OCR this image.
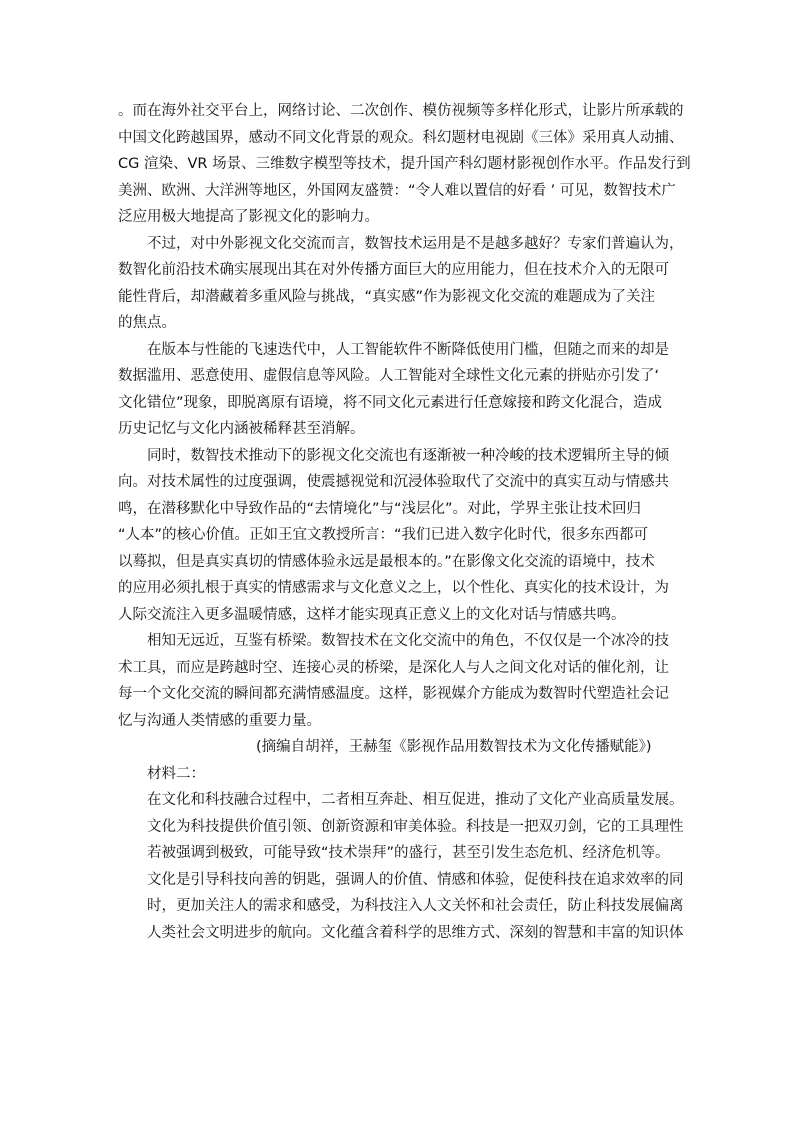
。而在海外社交平台上，网络讨论、二次创作、模仿视频等多样化形式，让影片所承载的
中国文化跨越国界，感动不同文化背景的观众。科幻题材电视剧《三体》采用真人动捕、
CG 渲染、VR 场景、三维数字模型等技术，提升国产科幻题材影视创作水平。作品发行到
美洲、欧洲、大洋洲等地区，外国网友盛赞：“令人难以置信的好看 ’ 可见，数智技术广
泛应用极大地提高了影视文化的影响力。
不过，对中外影视文化交流而言，数智技术运用是不是越多越好？专家们普遍认为，
数智化前沿技术确实展现出其在对外传播方面巨大的应用能力，但在技术介入的无限可
能性背后，却潜藏着多重风险与挑战，“真实感”作为影视文化交流的难题成为了关注
的焦点。
在版本与性能的飞速迭代中，人工智能软件不断降低使用门槛，但随之而来的却是
数据滥用、恶意使用、虚假信息等风险。人工智能对全球性文化元素的拼贴亦引发了‘
文化错位”现象，即脱离原有语境，将不同文化元素进行任意嫁接和跨文化混合，造成
历史记忆与文化内涵被稀释甚至消解。
同时，数智技术推动下的影视文化交流也有逐渐被一种冷峻的技术逻辑所主导的倾
向。对技术属性的过度强调，使震撼视觉和沉浸体验取代了交流中的真实互动与情感共
鸣，在潜移默化中导致作品的“去情境化”与“浅层化”。对此，学界主张让技术回归
“人本”的核心价值。正如王宜文教授所言：“我们已进入数字化时代，很多东西都可
以蓦拟，但是真实真切的情感体验永远是最根本的。”在影像文化交流的语境中，技术
的应用必须扎根于真实的情感需求与文化意义之上，以个性化、真实化的技术设计，为
人际交流注入更多温暖情感，这样才能实现真正意义上的文化对话与情感共鸣。
相知无远近，互鉴有桥梁。数智技术在文化交流中的角色，不仅仅是一个冰冷的技
术工具，而应是跨越时空、连接心灵的桥梁，是深化人与人之间文化对话的催化剂，让
每一个文化交流的瞬间都充满情感温度。这样，影视媒介方能成为数智时代塑造社会记
忆与沟通人类情感的重要力量。
(摘编自胡祥，王赫玺《影视作品用数智技术为文化传播赋能》)
材料二：
在文化和科技融合过程中，二者相互奔赴、相互促进，推动了文化产业高质量发展。
文化为科技提供价值引领、创新资源和审美体验。科技是一把双刃剑，它的工具理性
若被强调到极致，可能导致“技术崇拜”的盛行，甚至引发生态危机、经济危机等。
文化是引导科技向善的钥匙，强调人的价值、情感和体验，促使科技在追求效率的同
时，更加关注人的需求和感受，为科技注入人文关怀和社会责任，防止科技发展偏离
人类社会文明进步的航向。文化蕴含着科学的思维方式、深刻的智慧和丰富的知识体
